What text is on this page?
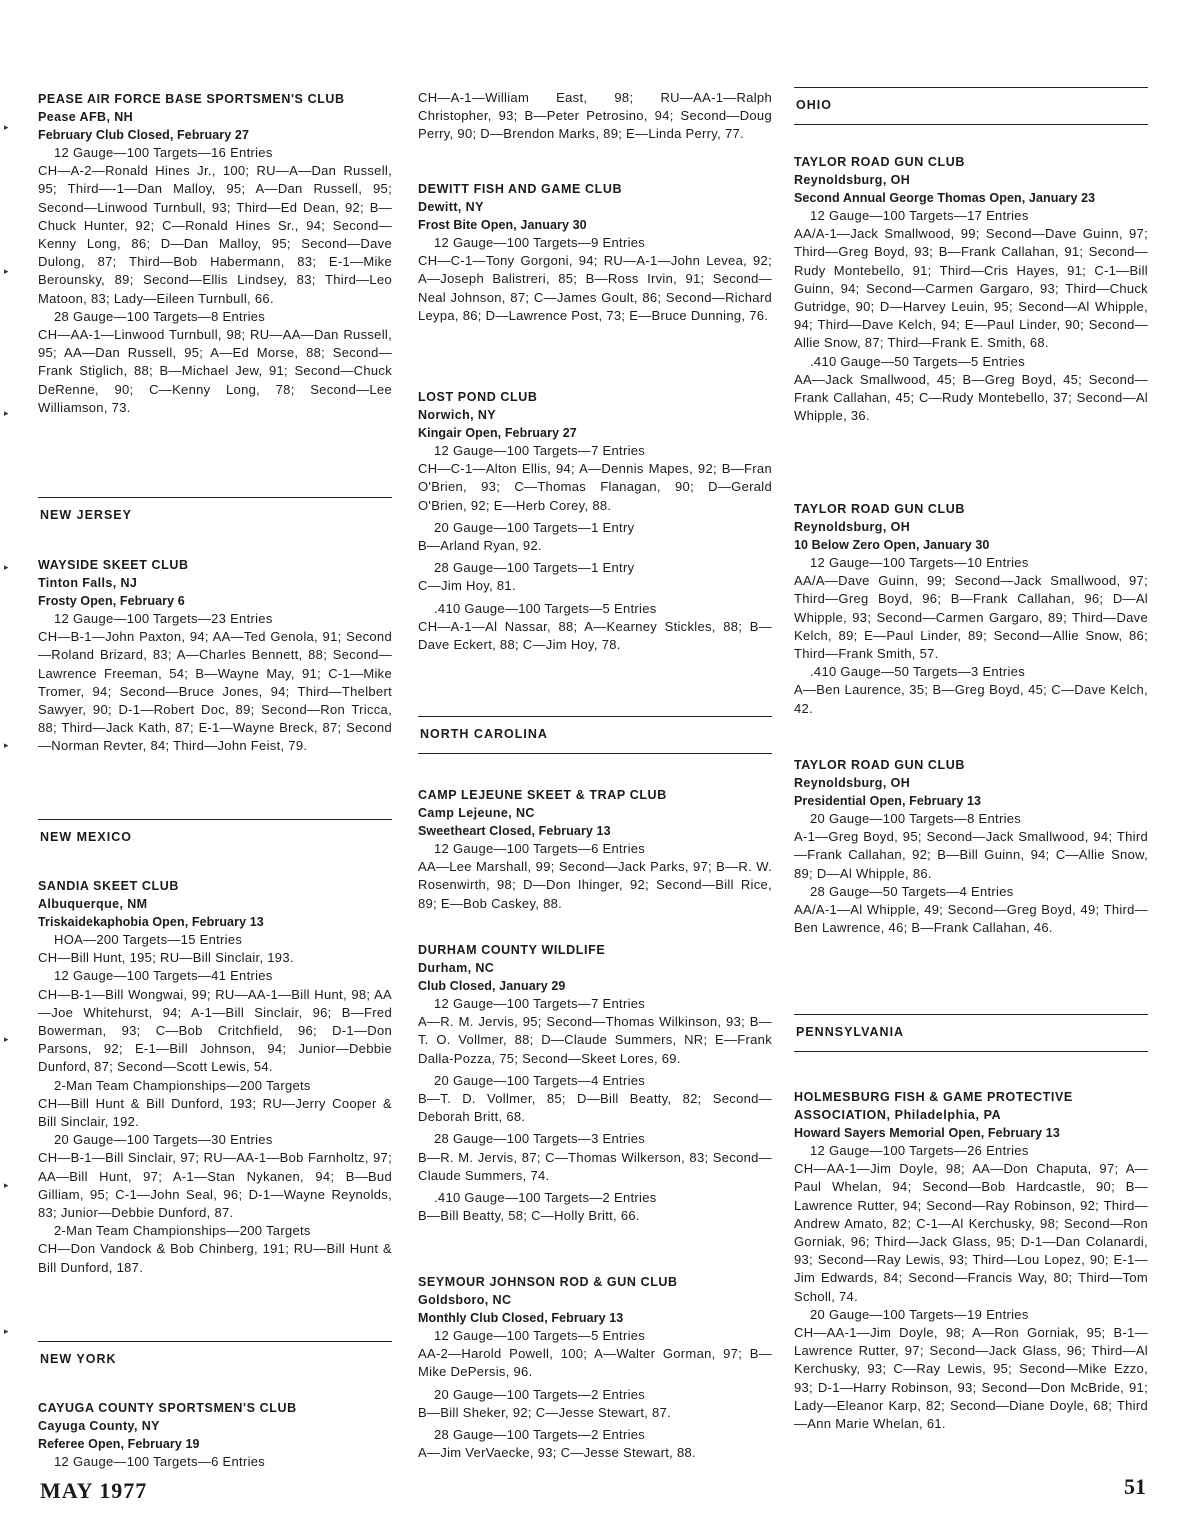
PEASE AIR FORCE BASE SPORTSMEN'S CLUB

Pease AFB, NH

February Club Closed, February 27

12 Gauge—100 Targets—16 Entries
CH—A-2—Ronald Hines Jr., 100; RU—A—Dan Russell, 95; Third—-1—Dan Malloy, 95; A—Dan Russell, 95; Second—Linwood Turnbull, 93; Third—Ed Dean, 92; B—Chuck Hunter, 92; C—Ronald Hines Sr., 94; Second—Kenny Long, 86; D—Dan Malloy, 95; Second—Dave Dulong, 87; Third—Bob Habermann, 83; E-1—Mike Berounsky, 89; Second—Ellis Lindsey, 83; Third—Leo Matoon, 83; Lady—Eileen Turnbull, 66.
28 Gauge—100 Targets—8 Entries
CH—AA-1—Linwood Turnbull, 98; RU—AA—Dan Russell, 95; AA—Dan Russell, 95; A—Ed Morse, 88; Second—Frank Stiglich, 88; B—Michael Jew, 91; Second—Chuck DeRenne, 90; C—Kenny Long, 78; Second—Lee Williamson, 73.

NEW JERSEY

WAYSIDE SKEET CLUB

Tinton Falls, NJ

Frosty Open, February 6

12 Gauge—100 Targets—23 Entries
CH—B-1—John Paxton, 94; AA—Ted Genola, 91; Second—Roland Brizard, 83; A—Charles Bennett, 88; Second—Lawrence Freeman, 54; B—Wayne May, 91; C-1—Mike Tromer, 94; Second—Bruce Jones, 94; Third—Thelbert Sawyer, 90; D-1—Robert Doc, 89; Second—Ron Tricca, 88; Third—Jack Kath, 87; E-1—Wayne Breck, 87; Second—Norman Revter, 84; Third—John Feist, 79.

NEW MEXICO

SANDIA SKEET CLUB

Albuquerque, NM

Triskaidekaphobia Open, February 13

HOA—200 Targets—15 Entries
CH—Bill Hunt, 195; RU—Bill Sinclair, 193.
12 Gauge—100 Targets—41 Entries
CH—B-1—Bill Wongwai, 99; RU—AA-1—Bill Hunt, 98; AA—Joe Whitehurst, 94; A-1—Bill Sinclair, 96; B—Fred Bowerman, 93; C—Bob Critchfield, 96; D-1—Don Parsons, 92; E-1—Bill Johnson, 94; Junior—Debbie Dunford, 87; Second—Scott Lewis, 54.
2-Man Team Championships—200 Targets
CH—Bill Hunt & Bill Dunford, 193; RU—Jerry Cooper & Bill Sinclair, 192.
20 Gauge—100 Targets—30 Entries
CH—B-1—Bill Sinclair, 97; RU—AA-1—Bob Farnholtz, 97; AA—Bill Hunt, 97; A-1—Stan Nykanen, 94; B—Bud Gilliam, 95; C-1—John Seal, 96; D-1—Wayne Reynolds, 83; Junior—Debbie Dunford, 87.
2-Man Team Championships—200 Targets
CH—Don Vandock & Bob Chinberg, 191; RU—Bill Hunt & Bill Dunford, 187.

NEW YORK

CAYUGA COUNTY SPORTSMEN'S CLUB

Cayuga County, NY

Referee Open, February 19

12 Gauge—100 Targets—6 Entries
CH—A-1—William East, 98; RU—AA-1—Ralph Christopher, 93; B—Peter Petrosino, 94; Second—Doug Perry, 90; D—Brendon Marks, 89; E—Linda Perry, 77.

DEWITT FISH AND GAME CLUB

Dewitt, NY

Frost Bite Open, January 30

12 Gauge—100 Targets—9 Entries
CH—C-1—Tony Gorgoni, 94; RU—A-1—John Levea, 92; A—Joseph Balistreri, 85; B—Ross Irvin, 91; Second—Neal Johnson, 87; C—James Goult, 86; Second—Richard Leypa, 86; D—Lawrence Post, 73; E—Bruce Dunning, 76.

LOST POND CLUB

Norwich, NY

Kingair Open, February 27

12 Gauge—100 Targets—7 Entries
CH—C-1—Alton Ellis, 94; A—Dennis Mapes, 92; B—Fran O'Brien, 93; C—Thomas Flanagan, 90; D—Gerald O'Brien, 92; E—Herb Corey, 88.
20 Gauge—100 Targets—1 Entry
B—Arland Ryan, 92.
28 Gauge—100 Targets—1 Entry
C—Jim Hoy, 81.
.410 Gauge—100 Targets—5 Entries
CH—A-1—Al Nassar, 88; A—Kearney Stickles, 88; B—Dave Eckert, 88; C—Jim Hoy, 78.

NORTH CAROLINA

CAMP LEJEUNE SKEET & TRAP CLUB

Camp Lejeune, NC

Sweetheart Closed, February 13

12 Gauge—100 Targets—6 Entries
AA—Lee Marshall, 99; Second—Jack Parks, 97; B—R. W. Rosenwirth, 98; D—Don Ihinger, 92; Second—Bill Rice, 89; E—Bob Caskey, 88.

DURHAM COUNTY WILDLIFE

Durham, NC

Club Closed, January 29

12 Gauge—100 Targets—7 Entries
A—R. M. Jervis, 95; Second—Thomas Wilkinson, 93; B—T. O. Vollmer, 88; D—Claude Summers, NR; E—Frank Dalla-Pozza, 75; Second—Skeet Lores, 69.
20 Gauge—100 Targets—4 Entries
B—T. D. Vollmer, 85; D—Bill Beatty, 82; Second—Deborah Britt, 68.
28 Gauge—100 Targets—3 Entries
B—R. M. Jervis, 87; C—Thomas Wilkerson, 83; Second—Claude Summers, 74.
.410 Gauge—100 Targets—2 Entries
B—Bill Beatty, 58; C—Holly Britt, 66.

SEYMOUR JOHNSON ROD & GUN CLUB

Goldsboro, NC

Monthly Club Closed, February 13

12 Gauge—100 Targets—5 Entries
AA-2—Harold Powell, 100; A—Walter Gorman, 97; B—Mike DePersis, 96.
20 Gauge—100 Targets—2 Entries
B—Bill Sheker, 92; C—Jesse Stewart, 87.
28 Gauge—100 Targets—2 Entries
A—Jim VerVaecke, 93; C—Jesse Stewart, 88.

OHIO

TAYLOR ROAD GUN CLUB

Reynoldsburg, OH

Second Annual George Thomas Open, January 23

12 Gauge—100 Targets—17 Entries
AA/A-1—Jack Smallwood, 99; Second—Dave Guinn, 97; Third—Greg Boyd, 93; B—Frank Callahan, 91; Second—Rudy Montebello, 91; Third—Cris Hayes, 91; C-1—Bill Guinn, 94; Second—Carmen Gargaro, 93; Third—Chuck Gutridge, 90; D—Harvey Leuin, 95; Second—Al Whipple, 94; Third—Dave Kelch, 94; E—Paul Linder, 90; Second—Allie Snow, 87; Third—Frank E. Smith, 68.
.410 Gauge—50 Targets—5 Entries
AA—Jack Smallwood, 45; B—Greg Boyd, 45; Second—Frank Callahan, 45; C—Rudy Montebello, 37; Second—Al Whipple, 36.

TAYLOR ROAD GUN CLUB

Reynoldsburg, OH

10 Below Zero Open, January 30

12 Gauge—100 Targets—10 Entries
AA/A—Dave Guinn, 99; Second—Jack Smallwood, 97; Third—Greg Boyd, 96; B—Frank Callahan, 96; D—Al Whipple, 93; Second—Carmen Gargaro, 89; Third—Dave Kelch, 89; E—Paul Linder, 89; Second—Allie Snow, 86; Third—Frank Smith, 57.
.410 Gauge—50 Targets—3 Entries
A—Ben Laurence, 35; B—Greg Boyd, 45; C—Dave Kelch, 42.

TAYLOR ROAD GUN CLUB

Reynoldsburg, OH

Presidential Open, February 13

20 Gauge—100 Targets—8 Entries
A-1—Greg Boyd, 95; Second—Jack Smallwood, 94; Third—Frank Callahan, 92; B—Bill Guinn, 94; C—Allie Snow, 89; D—Al Whipple, 86.
28 Gauge—50 Targets—4 Entries
AA/A-1—Al Whipple, 49; Second—Greg Boyd, 49; Third—Ben Lawrence, 46; B—Frank Callahan, 46.

PENNSYLVANIA

HOLMESBURG FISH & GAME PROTECTIVE ASSOCIATION, Philadelphia, PA

Howard Sayers Memorial Open, February 13

12 Gauge—100 Targets—26 Entries
CH—AA-1—Jim Doyle, 98; AA—Don Chaputa, 97; A—Paul Whelan, 94; Second—Bob Hardcastle, 90; B—Lawrence Rutter, 94; Second—Ray Robinson, 92; Third—Andrew Amato, 82; C-1—Al Kerchusky, 98; Second—Ron Gorniak, 96; Third—Jack Glass, 95; D-1—Dan Colanardi, 93; Second—Ray Lewis, 93; Third—Lou Lopez, 90; E-1—Jim Edwards, 84; Second—Francis Way, 80; Third—Tom Scholl, 74.
20 Gauge—100 Targets—19 Entries
CH—AA-1—Jim Doyle, 98; A—Ron Gorniak, 95; B-1—Lawrence Rutter, 97; Second—Jack Glass, 96; Third—Al Kerchusky, 93; C—Ray Lewis, 95; Second—Mike Ezzo, 93; D-1—Harry Robinson, 93; Second—Don McBride, 91; Lady—Eleanor Karp, 82; Second—Diane Doyle, 68; Third—Ann Marie Whelan, 61.
▸
▸
▸
▸
▸
▸
▸
▸
MAY 1977	51
